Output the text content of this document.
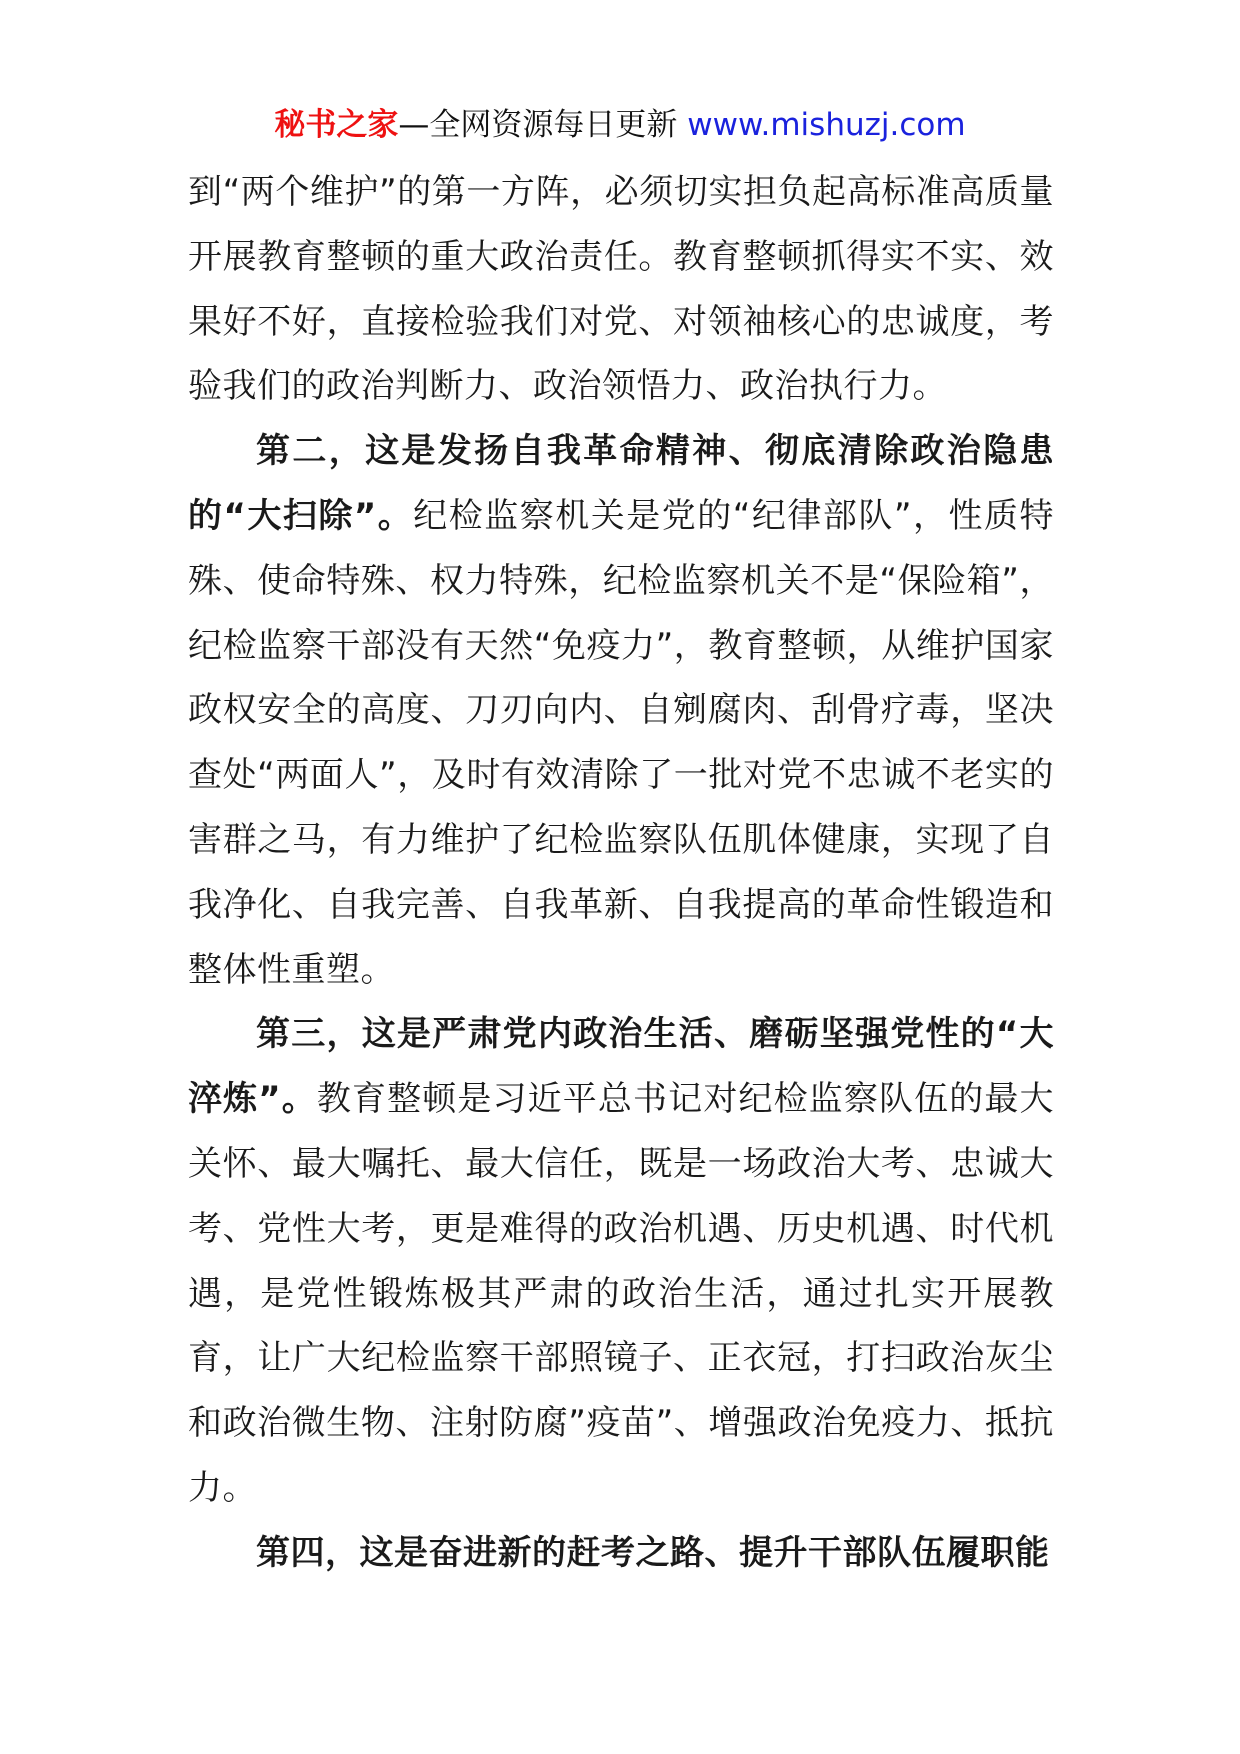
秘书之家—全网资源每日更新 www.mishuzj.com

到“两个维护”的第一方阵，必须切实担负起高标准高质量开展教育整顿的重大政治责任。教育整顿抓得实不实、效果好不好，直接检验我们对党、对领袖核心的忠诚度，考验我们的政治判断力、政治领悟力、政治执行力。

第二，这是发扬自我革命精神、彻底清除政治隐患的“大扫除”。纪检监察机关是党的“纪律部队”，性质特殊、使命特殊、权力特殊，纪检监察机关不是“保险箱”，纪检监察干部没有天然“免疫力”，教育整顿，从维护国家政权安全的高度、刀刃向内、自剜腐肉、刮骨疗毒，坚决查处“两面人”，及时有效清除了一批对党不忠诚不老实的害群之马，有力维护了纪检监察队伍肌体健康，实现了自我净化、自我完善、自我革新、自我提高的革命性锻造和整体性重塑。

第三，这是严肃党内政治生活、磨砺坚强党性的“大淬炼”。教育整顿是习近平总书记对纪检监察队伍的最大关怀、最大嘱托、最大信任，既是一场政治大考、忠诚大考、党性大考，更是难得的政治机遇、历史机遇、时代机遇，是党性锻炼极其严肃的政治生活，通过扎实开展教育，让广大纪检监察干部照镜子、正衣冠，打扫政治灰尘和政治微生物、注射防腐”疫苗”、增强政治免疫力、抵抗力。

第四，这是奋进新的赶考之路、提升干部队伍履职能
